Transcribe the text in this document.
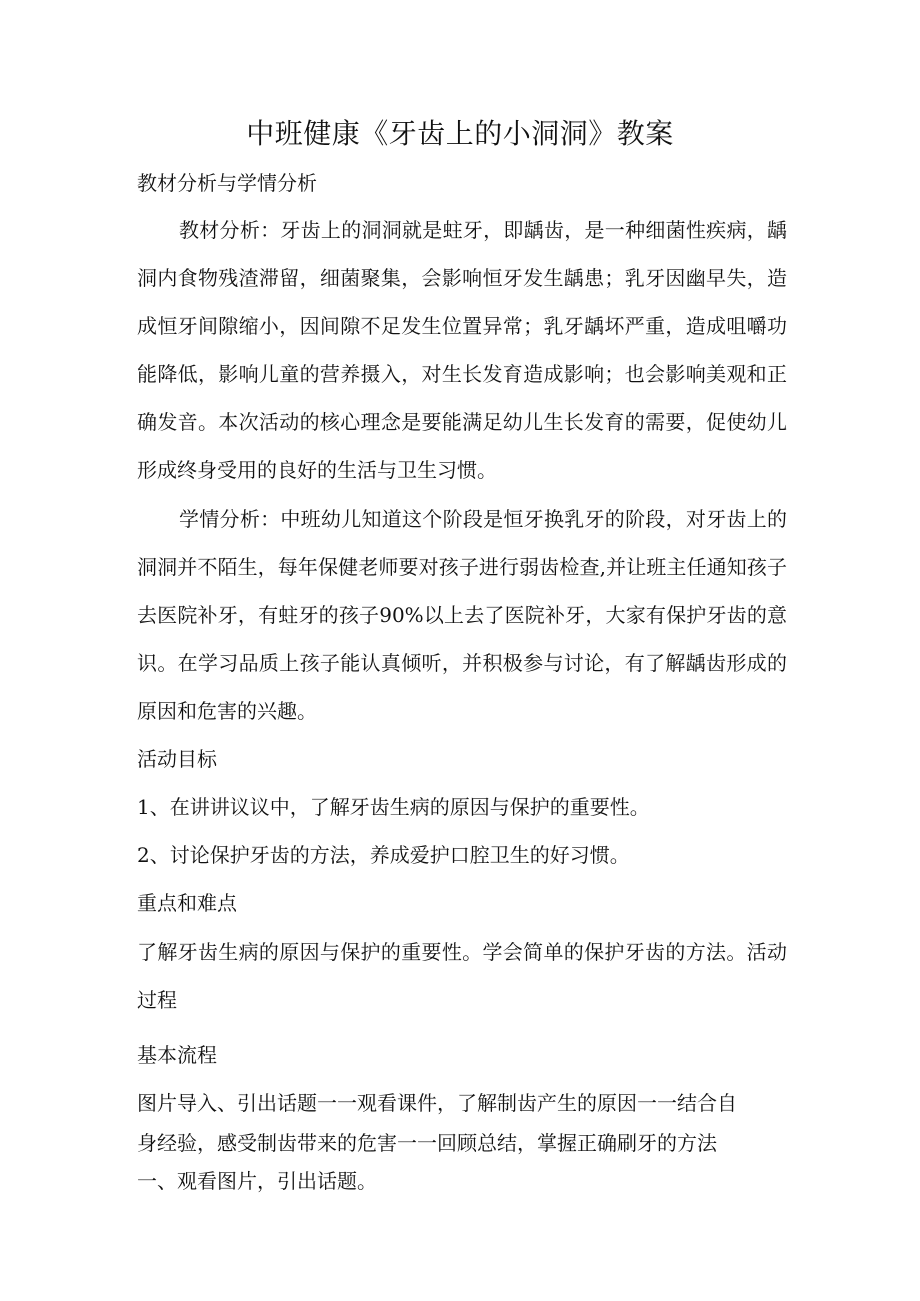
中班健康《牙齿上的小洞洞》教案
教材分析与学情分析

教材分析：牙齿上的洞洞就是蛀牙，即龋齿，是一种细菌性疾病，龋洞内食物残渣滞留，细菌聚集，会影响恒牙发生龋患；乳牙因幽早失，造成恒牙间隙缩小，因间隙不足发生位置异常；乳牙龋坏严重，造成咀嚼功能降低，影响儿童的营养摄入，对生长发育造成影响；也会影响美观和正确发音。本次活动的核心理念是要能满足幼儿生长发育的需要，促使幼儿形成终身受用的良好的生活与卫生习惯。

学情分析：中班幼儿知道这个阶段是恒牙换乳牙的阶段，对牙齿上的洞洞并不陌生，每年保健老师要对孩子进行弱齿检查,并让班主任通知孩子去医院补牙，有蛀牙的孩子90%以上去了医院补牙，大家有保护牙齿的意识。在学习品质上孩子能认真倾听，并积极参与讨论，有了解龋齿形成的原因和危害的兴趣。

活动目标
1、在讲讲议议中，了解牙齿生病的原因与保护的重要性。
2、讨论保护牙齿的方法，养成爱护口腔卫生的好习惯。
重点和难点

了解牙齿生病的原因与保护的重要性。学会简单的保护牙齿的方法。活动过程

基本流程
图片导入、引出话题一一观看课件，了解制齿产生的原因一一结合自
身经验，感受制齿带来的危害一一回顾总结，掌握正确刷牙的方法
一、观看图片，引出话题。
